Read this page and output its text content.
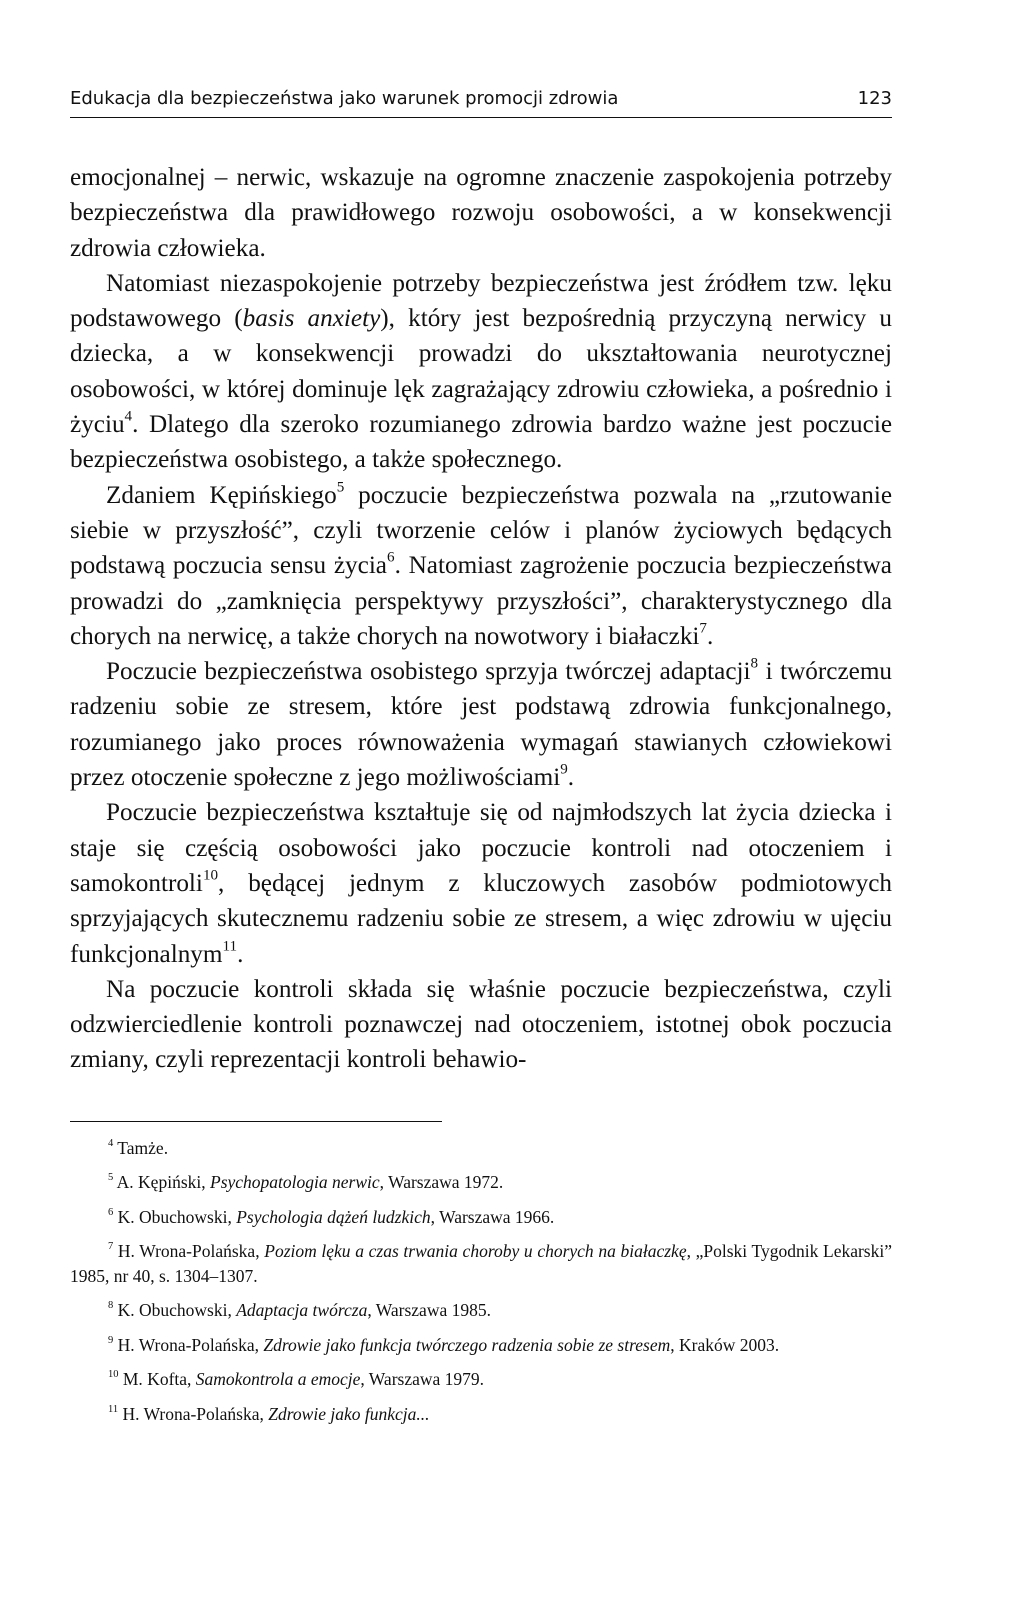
Edukacja dla bezpieczeństwa jako warunek promocji zdrowia	123

emocjonalnej – nerwic, wskazuje na ogromne znaczenie zaspokojenia potrzeby bezpieczeństwa dla prawidłowego rozwoju osobowości, a w konsekwencji zdrowia człowieka.

Natomiast niezaspokojenie potrzeby bezpieczeństwa jest źródłem tzw. lęku podstawowego (basis anxiety), który jest bezpośrednią przyczyną nerwicy u dziecka, a w konsekwencji prowadzi do ukształtowania neurotycznej osobowości, w której dominuje lęk zagrażający zdrowiu człowieka, a pośrednio i życiu$^4$. Dlatego dla szeroko rozumianego zdrowia bardzo ważne jest poczucie bezpieczeństwa osobistego, a także społecznego.

Zdaniem Kępińskiego$^5$ poczucie bezpieczeństwa pozwala na „rzutowanie siebie w przyszłość”, czyli tworzenie celów i planów życiowych będących podstawą poczucia sensu życia$^6$. Natomiast zagrożenie poczucia bezpieczeństwa prowadzi do „zamknięcia perspektywy przyszłości”, charakterystycznego dla chorych na nerwicę, a także chorych na nowotwory i białaczki$^7$.

Poczucie bezpieczeństwa osobistego sprzyja twórczej adaptacji$^8$ i twórczemu radzeniu sobie ze stresem, które jest podstawą zdrowia funkcjonalnego, rozumianego jako proces równoważenia wymagań stawianych człowiekowi przez otoczenie społeczne z jego możliwościami$^9$.

Poczucie bezpieczeństwa kształtuje się od najmłodszych lat życia dziecka i staje się częścią osobowości jako poczucie kontroli nad otoczeniem i samokontroli$^{10}$, będącej jednym z kluczowych zasobów podmiotowych sprzyjających skutecznemu radzeniu sobie ze stresem, a więc zdrowiu w ujęciu funkcjonalnym$^{11}$.

Na poczucie kontroli składa się właśnie poczucie bezpieczeństwa, czyli odzwierciedlenie kontroli poznawczej nad otoczeniem, istotnej obok poczucia zmiany, czyli reprezentacji kontroli behawio-

$^4$ Tamże.

$^5$ A. Kępiński, Psychopatologia nerwic, Warszawa 1972.

$^6$ K. Obuchowski, Psychologia dążeń ludzkich, Warszawa 1966.

$^7$ H. Wrona-Polańska, Poziom lęku a czas trwania choroby u chorych na białaczkę, „Polski Tygodnik Lekarski” 1985, nr 40, s. 1304–1307.

$^8$ K. Obuchowski, Adaptacja twórcza, Warszawa 1985.

$^9$ H. Wrona-Polańska, Zdrowie jako funkcja twórczego radzenia sobie ze stresem, Kraków 2003.

$^{10}$ M. Kofta, Samokontrola a emocje, Warszawa 1979.

$^{11}$ H. Wrona-Polańska, Zdrowie jako funkcja...
